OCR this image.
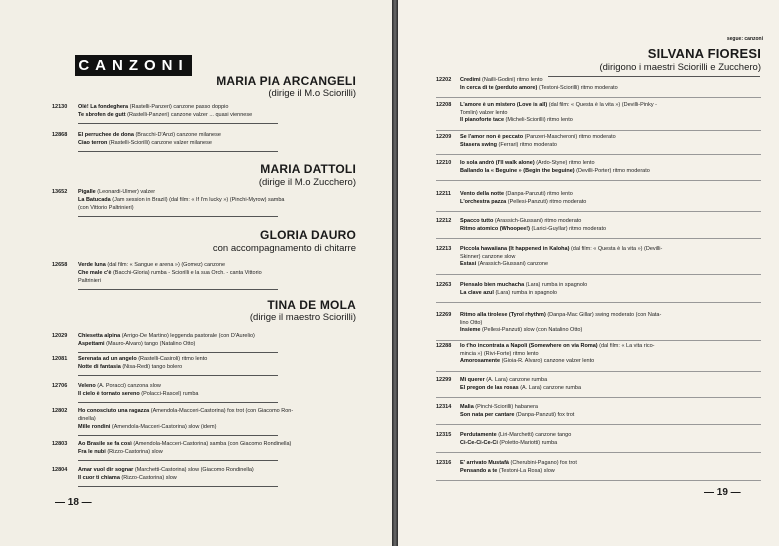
CANZONI
MARIA PIA ARCANGELI
(dirige il M.o Sciorilli)
12130 Olè! La fondeghera (Rastelli-Panzeri) canzone passo doppio
Te sbrofen de gutt (Rastelli-Panzeri) canzone valzer ... quasi viennese
12868 El perruchee de dona (Bracchi-D'Anzi) canzone milanese
Ciao terron (Rastelli-Sciorilli) canzone valzer milanese
MARIA DATTOLI
(dirige il M.o Zucchero)
13652 Pigalle (Leonardi-Ulmer) valzer
La Batucada (Jam session in Brazil) (dal film: « If I'm lucky ») (Pinchi-Myrow) samba
(con Vittorio Paltrinieri)
GLORIA DAURO
con accompagnamento di chitarre
12658 Verde luna (dal film: « Sangue e arena ») (Gomez) canzone
Che male c'è (Bacchi-Gloria) rumba - Sciorilli e la sua Orch. - canta Vittorio
Paltrinieri
TINA DE MOLA
(dirige il maestro Sciorilli)
12029 Chiesetta alpina (Arrigo-De Martino) leggenda pastorale (con D'Aurelio)
Aspettami (Mauro-Alvaro) tango (Natalino Otto)
12081 Serenata ad un angelo (Rastelli-Casiroli) ritmo lento
Notte di fantasia (Nisa-Redi) tango bolero
12706 Veleno (A. Poracci) canzona slow
Il cielo è tornato sereno (Polacci-Rascel) rumba
12802 Ho conosciuto una ragazza (Amendola-Macceri-Castorina) fox trot (con Giacomo Ron-
dinella)
Mille rondini (Amendola-Macceri-Castorina) slow (idem)
12803 Ao Brasile se fa così (Amendola-Macceri-Castorina) samba (con Giacomo Rondinella)
Fra le nubi (Rizzo-Castorina) slow
12804 Amar vuol dir sognar (Marchetti-Castorina) slow (Giacomo Rondinella)
Il cuor ti chiama (Rizzo-Castorina) slow
— 18 —
segue: canzoni
SILVANA FIORESI
(dirigono i maestri Sciorilli e Zucchero)
12202 Credimi (Nailli-Godini) ritmo lento
In cerca di te (perduto amore) (Testoni-Sciorilli) ritmo moderato
12208 L'amore è un mistero (Love is all) (dal film: « Questa è la vita ») (Devilli-Pinky -
Tomlin) valzer lento
Il pianoforte tace (Micheli-Sciorilli) ritmo lento
12209 Se l'amor non è peccato (Panzeri-Mascheroni) ritmo moderato
Stasera swing (Ferrari) ritmo moderato
12210 Io sola andrò (I'll walk alone) (Ardo-Styne) ritmo lento
Ballando la « Beguine » (Begin the beguine) (Devilli-Porter) ritmo moderato
12211 Vento della notte (Danpa-Panzuti) ritmo lento
L'orchestra pazza (Pellesi-Panzuti) ritmo moderato
12212 Spacco tutto (Arassich-Giussani) ritmo moderato
Ritmo atomico (Whoopee!) (Larici-Guyllar) ritmo moderato
12213 Piccola hawaiiana (It happened in Kaloha) (dal film: « Questa è la vita ») (Devilli-
Skinner) canzone slow
Estasi (Arassich-Giussani) canzone
12263 Piensalo bien muchacha (Lara) rumba in spagnolo
La clave azul (Lara) rumba in spagnolo
12269 Ritmo alla tirolese (Tyrol rhythm) (Danpa-Mac Gillar) swing moderato (con Nata-
lino Otto)
Insieme (Pellesi-Panzuti) slow (con Natalino Otto)
12288 Io t'ho incontrata a Napoli (Somewhere on via Roma) (dal film: « La vita rico-
mincia ») (Rivi-Forte) ritmo lento
Amorosamente (Gioia-R. Alvaro) canzone valzer lento
12299 Mi querer (A. Lara) canzone rumba
El pregon de las rosas (A. Lara) canzone rumba
12314 Malìa (Pinchi-Sciorilli) habanera
Son nata per cantare (Danpa-Panzuti) fox trot
12315 Perdutamente (Liri-Marchetti) canzone tango
Ci-Ce-Ci-Ce-Ci (Poletto-Mariotti) rumba
12316 E' arrivato Mustafà (Cherubini-Pagano) fox trot
Pensando a te (Testoni-La Rosa) slow
— 19 —
